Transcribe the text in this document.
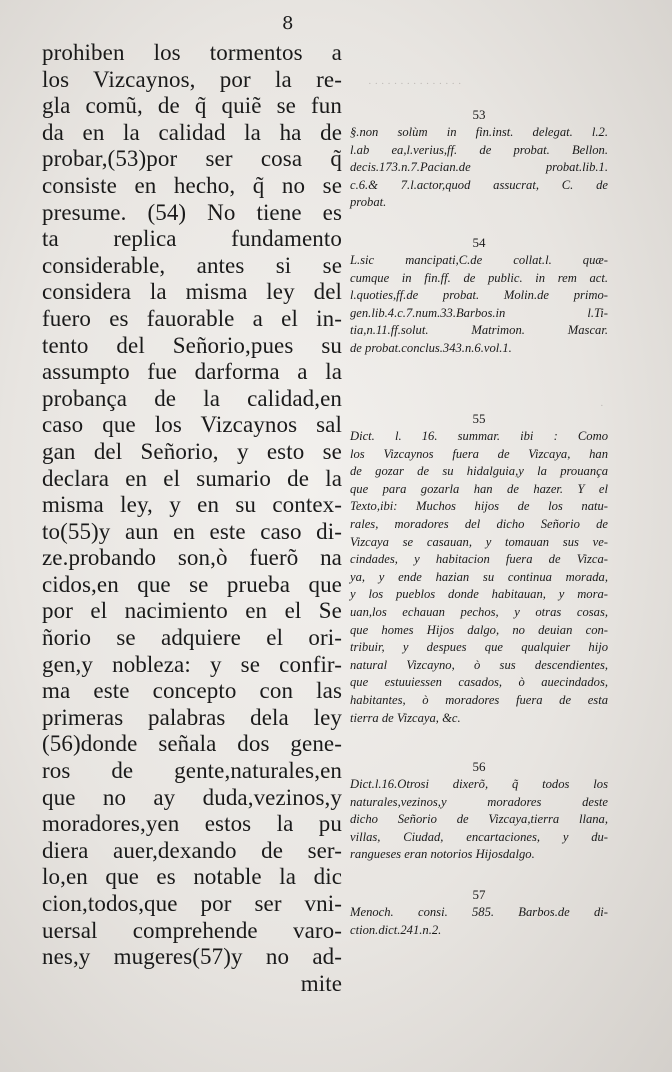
8
prohiben los tormentos a
los Vizcaynos, por la re-
gla comũ, de q̃ quiẽ se fun
da en la calidad la ha de
probar,(53)por ser cosa q̃
consiste en hecho, q̃ no se
presume. (54) No tiene es
ta replica fundamento
considerable, antes si se
considera la misma ley del
fuero es fauorable a el in-
tento del Señorio,pues su
assumpto fue darforma a la
probança de la calidad,en
caso que los Vizcaynos sal
gan del Señorio, y esto se
declara en el sumario de la
misma ley, y en su contex-
to(55)y aun en este caso di-
ze.probando son,ò fuerõ na
cidos,en que se prueba que
por el nacimiento en el Se
ñorio se adquiere el ori-
gen,y nobleza: y se confir-
ma este concepto con las
primeras palabras dela ley
(56)donde señala dos gene-
ros de gente,naturales,en
que no ay duda,vezinos,y
moradores,yen estos la pu
diera auer,dexando de ser-
lo,en que es notable la dic
cion,todos,que por ser vni-
uersal comprehende varo-
nes,y mugeres(57)y no ad-
mite
53
§.non solùm in fin.inst. delegat. l.2.
l.ab ea,l.verius,ff. de probat. Bellon.
decis.173.n.7.Pacian.de probat.lib.1.
c.6.& 7.l.actor,quod assucrat, C. de
probat.
54
L.sic mancipati,C.de collat.l. quæ-
cumque in fin.ff. de public. in rem act.
l.quoties,ff.de probat. Molin.de primo-
gen.lib.4.c.7.num.33.Barbos.in l.Ti-
tia,n.11.ff.solut. Matrimon. Mascar.
de probat.conclus.343.n.6.vol.1.
55
Dict. l. 16. summar. ibi : Como
los Vizcaynos fuera de Vizcaya, han
de gozar de su hidalguia,y la prouança
que para gozarla han de hazer. Y el
Texto,ibi: Muchos hijos de los natu-
rales, moradores del dicho Señorio de
Vizcaya se casauan, y tomauan sus ve-
cindades, y habitacion fuera de Vizca-
ya, y ende hazian su continua morada,
y los pueblos donde habitauan, y mora-
uan,los echauan pechos, y otras cosas,
que homes Hijos dalgo, no deuian con-
tribuir, y despues que qualquier hijo
natural Vizcayno, ò sus descendientes,
que estuuiessen casados, ò auecindados,
habitantes, ò moradores fuera de esta
tierra de Vizcaya, &c.
56
Dict.l.16.Otrosi dixerõ, q̃ todos los
naturales,vezinos,y moradores deste
dicho Señorio de Vizcaya,tierra llana,
villas, Ciudad, encartaciones, y du-
ranguеses eran notorios Hijosdalgo.
57
Menoch. consi. 585. Barbos.de di-
ction.dict.241.n.2.
· · · · · · · · · · · · · · ·
·
